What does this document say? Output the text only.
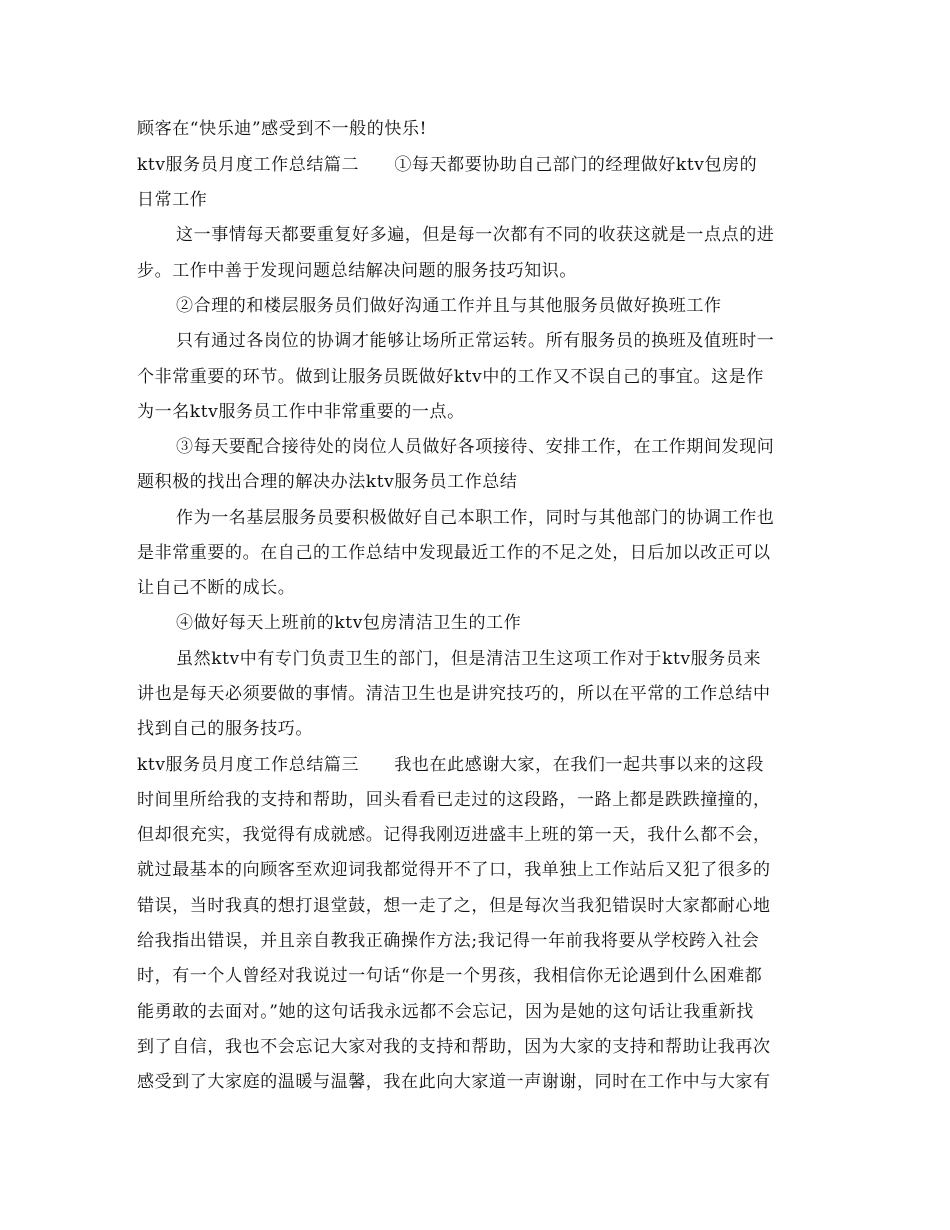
顾客在“快乐迪”感受到不一般的快乐!
ktv服务员月度工作总结篇二　　①每天都要协助自己部门的经理做好ktv包房的
日常工作
这一事情每天都要重复好多遍，但是每一次都有不同的收获这就是一点点的进
步。工作中善于发现问题总结解决问题的服务技巧知识。
②合理的和楼层服务员们做好沟通工作并且与其他服务员做好换班工作
只有通过各岗位的协调才能够让场所正常运转。所有服务员的换班及值班时一
个非常重要的环节。做到让服务员既做好ktv中的工作又不误自己的事宜。这是作
为一名ktv服务员工作中非常重要的一点。
③每天要配合接待处的岗位人员做好各项接待、安排工作，在工作期间发现问
题积极的找出合理的解决办法ktv服务员工作总结
作为一名基层服务员要积极做好自己本职工作，同时与其他部门的协调工作也
是非常重要的。在自己的工作总结中发现最近工作的不足之处，日后加以改正可以
让自己不断的成长。
④做好每天上班前的ktv包房清洁卫生的工作
虽然ktv中有专门负责卫生的部门，但是清洁卫生这项工作对于ktv服务员来
讲也是每天必须要做的事情。清洁卫生也是讲究技巧的，所以在平常的工作总结中
找到自己的服务技巧。
ktv服务员月度工作总结篇三　　我也在此感谢大家，在我们一起共事以来的这段
时间里所给我的支持和帮助，回头看看已走过的这段路，一路上都是跌跌撞撞的，
但却很充实，我觉得有成就感。记得我刚迈进盛丰上班的第一天，我什么都不会，
就过最基本的向顾客至欢迎词我都觉得开不了口，我单独上工作站后又犯了很多的
错误，当时我真的想打退堂鼓，想一走了之，但是每次当我犯错误时大家都耐心地
给我指出错误，并且亲自教我正确操作方法;我记得一年前我将要从学校跨入社会
时，有一个人曾经对我说过一句话“你是一个男孩，我相信你无论遇到什么困难都
能勇敢的去面对。”她的这句话我永远都不会忘记，因为是她的这句话让我重新找
到了自信，我也不会忘记大家对我的支持和帮助，因为大家的支持和帮助让我再次
感受到了大家庭的温暖与温馨，我在此向大家道一声谢谢，同时在工作中与大家有
